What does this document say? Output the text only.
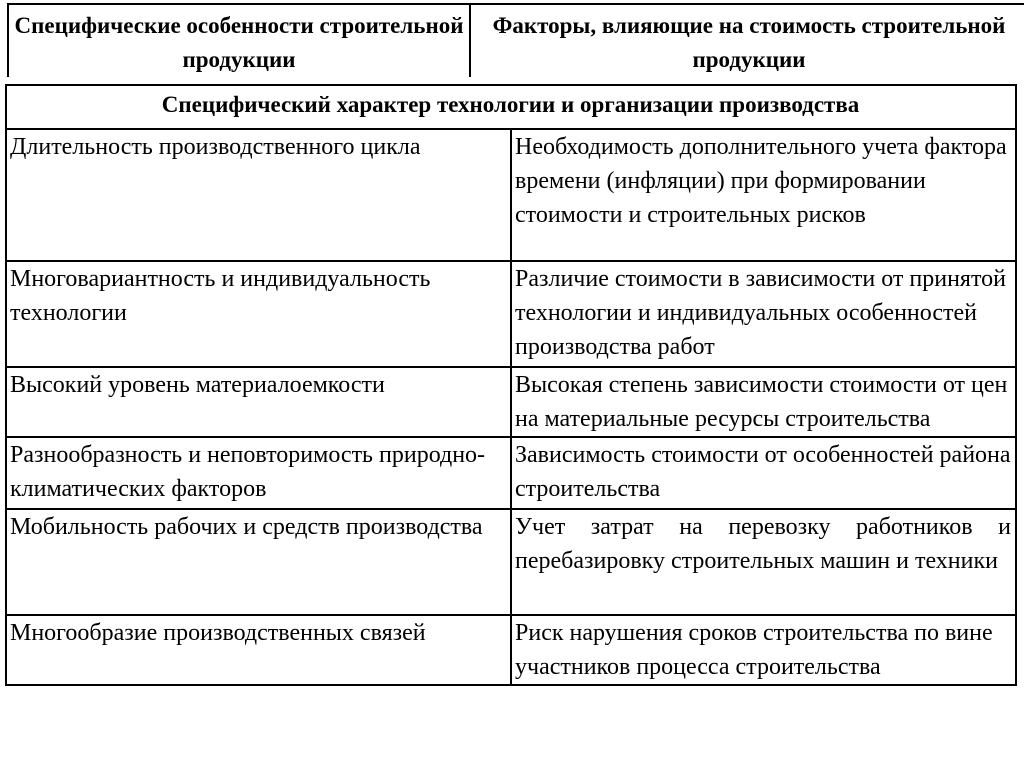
Специфические особенности строительной продукции	Факторы, влияющие на стоимость строительной продукции
Специфический характер технологии и организации производства	
Длительность производственного цикла	Необходимость дополнительного учета фактора времени (инфляции) при формировании стоимости и строительных рисков
Многовариантность и индивидуальность технологии	Различие стоимости в зависимости от принятой технологии и индивидуальных особенностей производства работ
Высокий уровень материалоемкости	Высокая степень зависимости стоимости от цен на материальные ресурсы строительства
Разнообразность и неповторимость природно-климатических факторов	Зависимость стоимости от особенностей района строительства
Мобильность рабочих и средств производства	Учет затрат на перевозку работников и перебазировку строительных машин и техники
Многообразие производственных связей	Риск нарушения сроков строительства по вине участников процесса строительства
